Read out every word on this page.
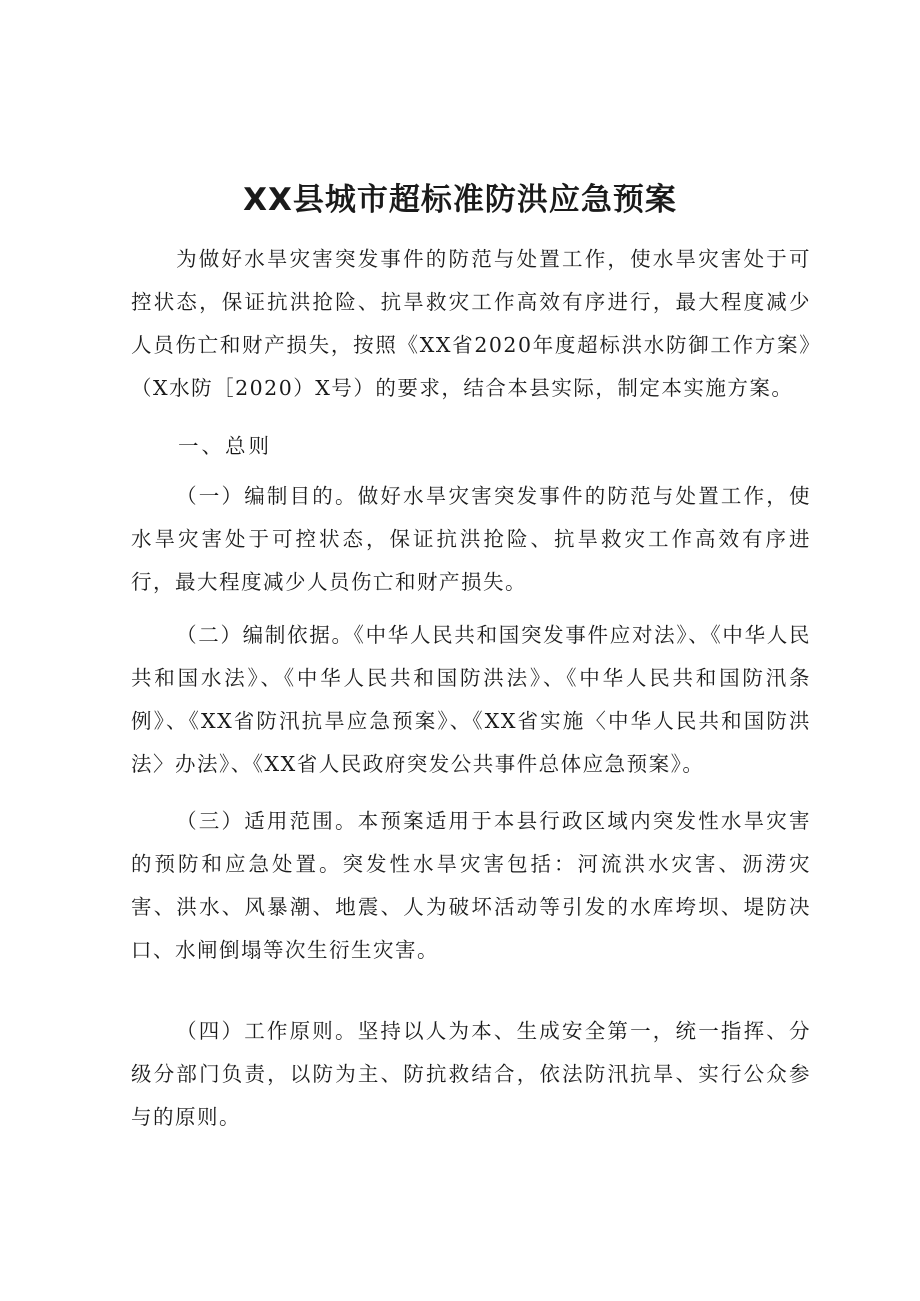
XX县城市超标准防洪应急预案

为做好水旱灾害突发事件的防范与处置工作，使水旱灾害处于可控状态，保证抗洪抢险、抗旱救灾工作高效有序进行，最大程度减少人员伤亡和财产损失，按照《XX省2020年度超标洪水防御工作方案》（X水防［2020）X号）的要求，结合本县实际，制定本实施方案。

一、总则

（一）编制目的。做好水旱灾害突发事件的防范与处置工作，使水旱灾害处于可控状态，保证抗洪抢险、抗旱救灾工作高效有序进行，最大程度减少人员伤亡和财产损失。

（二）编制依据。《中华人民共和国突发事件应对法》、《中华人民共和国水法》、《中华人民共和国防洪法》、《中华人民共和国防汛条例》、《XX省防汛抗旱应急预案》、《XX省实施〈中华人民共和国防洪法〉办法》、《XX省人民政府突发公共事件总体应急预案》。

（三）适用范围。本预案适用于本县行政区域内突发性水旱灾害的预防和应急处置。突发性水旱灾害包括：河流洪水灾害、沥涝灾害、洪水、风暴潮、地震、人为破坏活动等引发的水库垮坝、堤防决口、水闸倒塌等次生衍生灾害。

（四）工作原则。坚持以人为本、生成安全第一，统一指挥、分级分部门负责，以防为主、防抗救结合，依法防汛抗旱、实行公众参与的原则。
